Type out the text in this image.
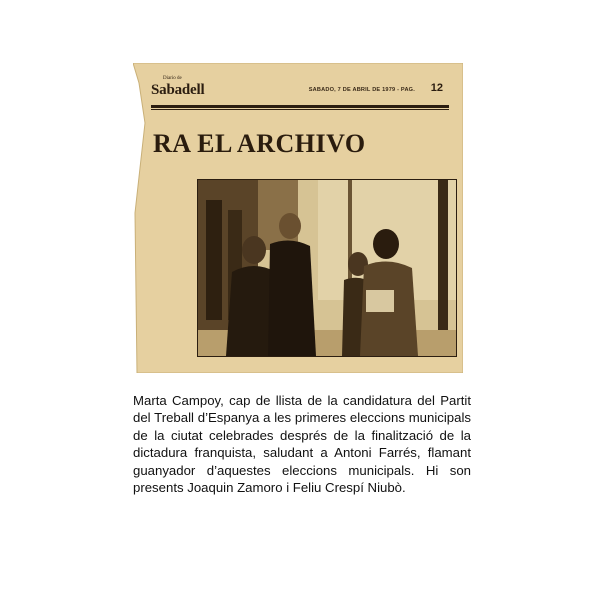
Diario de
Sabadell	SABADO, 7 DE ABRIL DE 1979 - PAG. 12
RA EL ARCHIVO
Marta Campoy, cap de llista de la candidatura del Partit del Treball d’Espanya a les primeres eleccions municipals de la ciutat celebrades després de la finalització de la dictadura franquista, saludant a Antoni Farrés, flamant guanyador d’aquestes eleccions municipals. Hi son presents Joaquin Zamoro i Feliu Crespí Niubò.
